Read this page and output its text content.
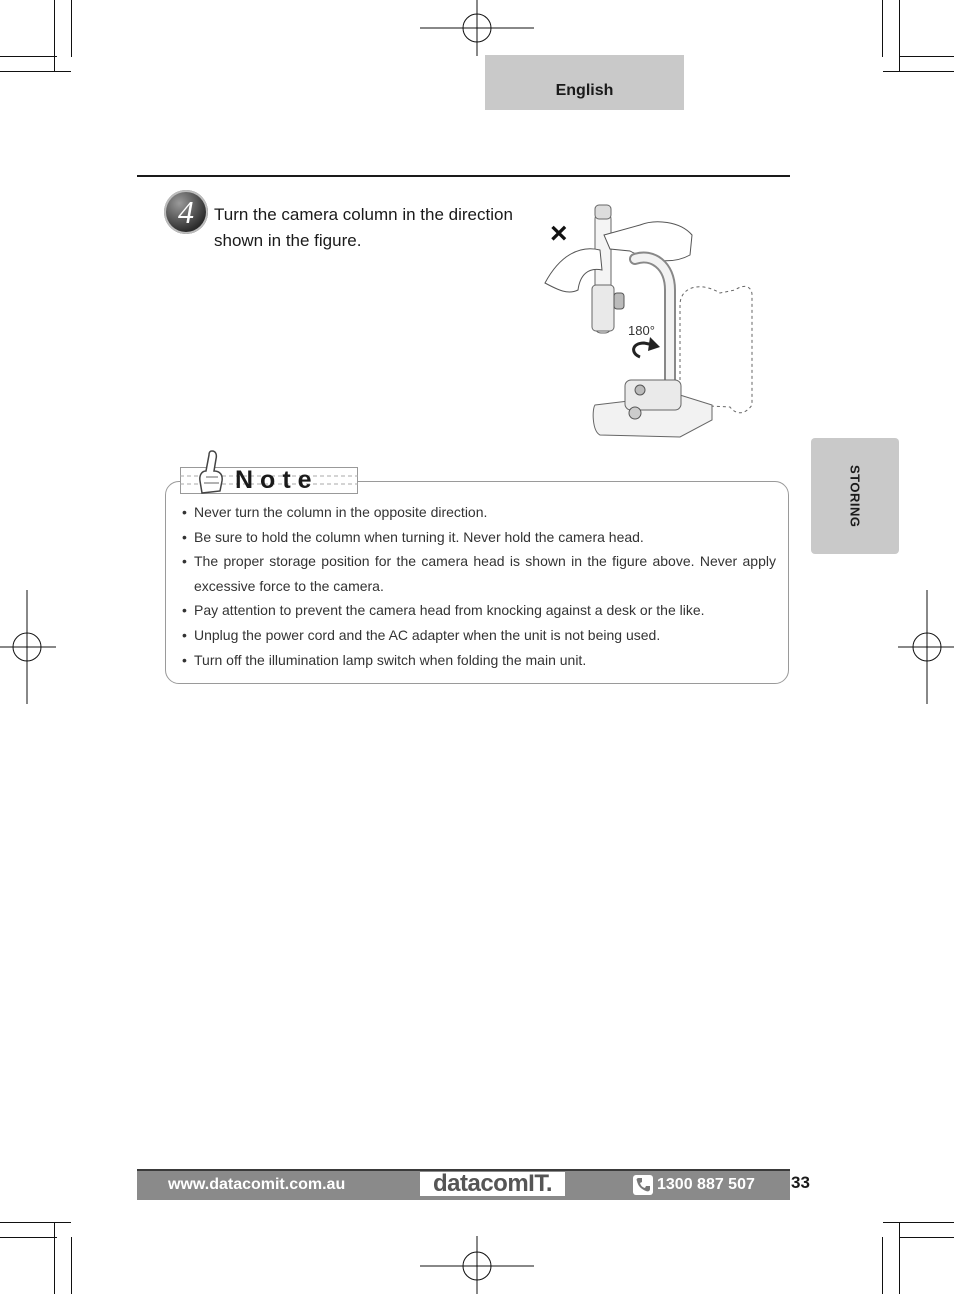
English
4	Turn the camera column in the direction shown in the figure.	×
180°
Note
• Never turn the column in the opposite direction.
• Be sure to hold the column when turning it. Never hold the camera head.
• The proper storage position for the camera head is shown in the figure above. Never apply excessive force to the camera.
• Pay attention to prevent the camera head from knocking against a desk or the like.
• Unplug the power cord and the AC adapter when the unit is not being used.
• Turn off the illumination lamp switch when folding the main unit.
STORING
www.datacomit.com.au	datacomIT.	1300 887 507 33
